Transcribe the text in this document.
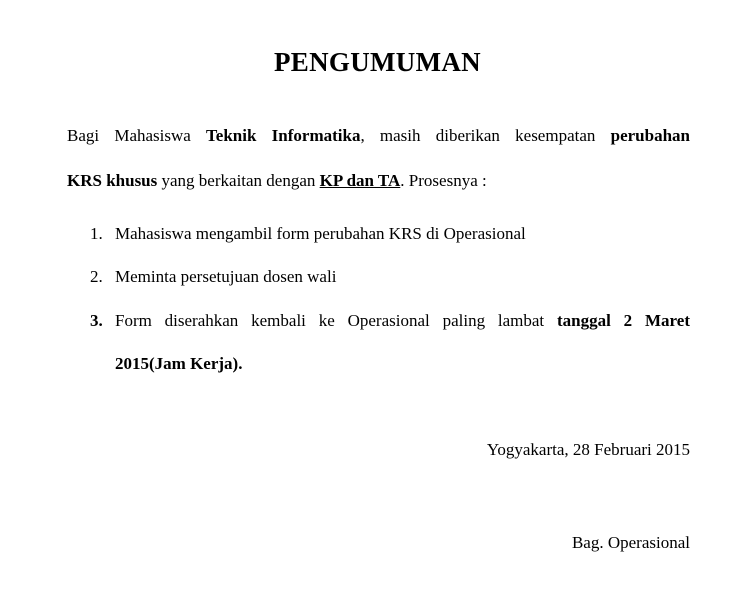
PENGUMUMAN
Bagi Mahasiswa Teknik Informatika, masih diberikan kesempatan perubahan
KRS khusus yang berkaitan dengan KP dan TA. Prosesnya :
1. Mahasiswa mengambil form perubahan KRS di Operasional
2. Meminta persetujuan dosen wali
3. Form diserahkan kembali ke Operasional paling lambat tanggal 2 Maret
2015(Jam Kerja).
Yogyakarta, 28 Februari 2015
Bag. Operasional
